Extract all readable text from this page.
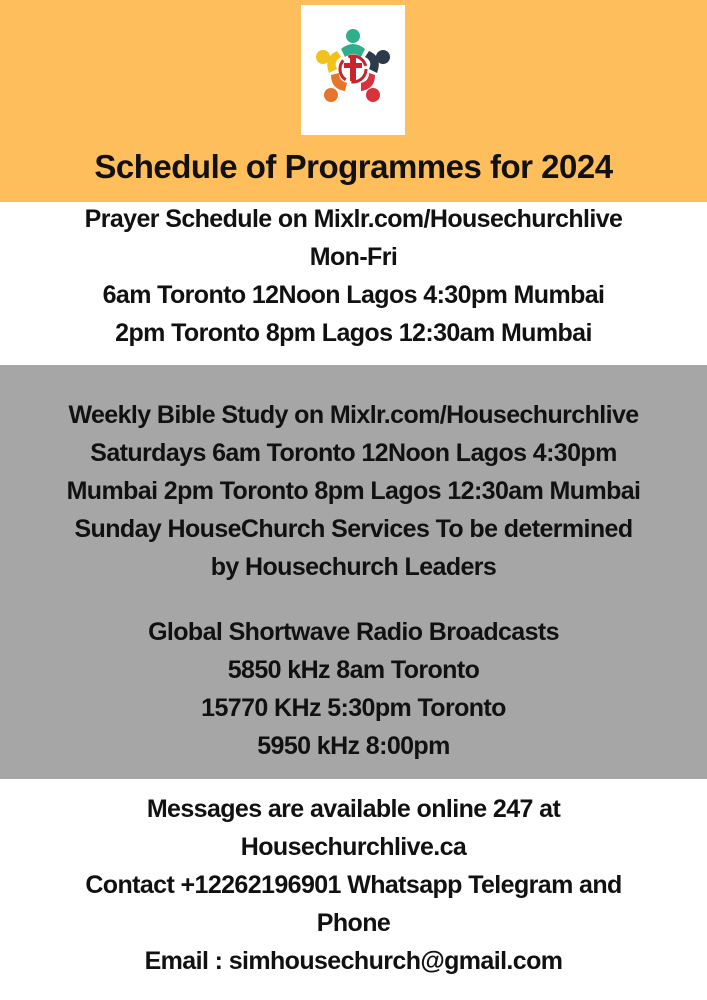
Schedule of Programmes for 2024
Prayer Schedule on Mixlr.com/Housechurchlive
Mon-Fri
6am Toronto 12Noon Lagos 4:30pm Mumbai
2pm Toronto 8pm Lagos 12:30am Mumbai
Weekly Bible Study on Mixlr.com/Housechurchlive
Saturdays 6am Toronto 12Noon Lagos 4:30pm
Mumbai 2pm Toronto 8pm Lagos 12:30am Mumbai
Sunday HouseChurch Services To be determined
by Housechurch Leaders
Global Shortwave Radio Broadcasts
5850 kHz 8am Toronto
15770 KHz 5:30pm Toronto
5950 kHz 8:00pm
Messages are available online 247 at
Housechurchlive.ca
Contact +12262196901 Whatsapp Telegram and
Phone
Email : simhousechurch@gmail.com
